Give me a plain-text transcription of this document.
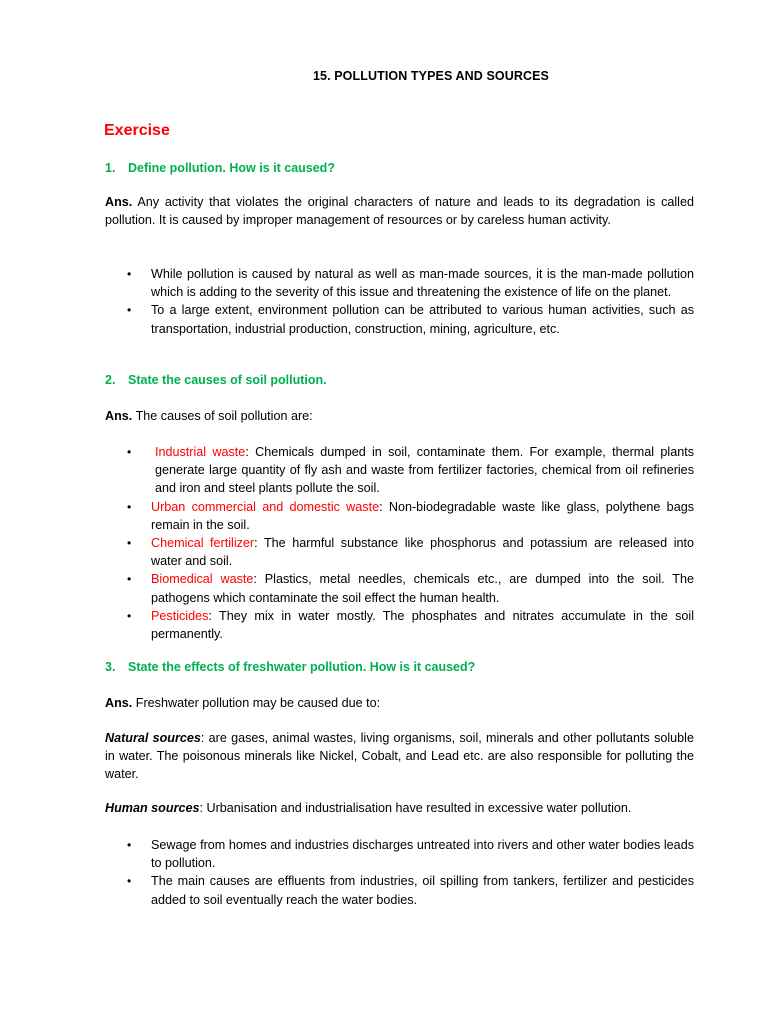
15. POLLUTION TYPES AND SOURCES
Exercise
1. Define pollution. How is it caused?
Ans. Any activity that violates the original characters of nature and leads to its degradation is called pollution. It is caused by improper management of resources or by careless human activity.
• While pollution is caused by natural as well as man-made sources, it is the man-made pollution which is adding to the severity of this issue and threatening the existence of life on the planet.
• To a large extent, environment pollution can be attributed to various human activities, such as transportation, industrial production, construction, mining, agriculture, etc.
2. State the causes of soil pollution.
Ans. The causes of soil pollution are:
• Industrial waste: Chemicals dumped in soil, contaminate them. For example, thermal plants generate large quantity of fly ash and waste from fertilizer factories, chemical from oil refineries and iron and steel plants pollute the soil.
• Urban commercial and domestic waste: Non-biodegradable waste like glass, polythene bags remain in the soil.
• Chemical fertilizer: The harmful substance like phosphorus and potassium are released into water and soil.
• Biomedical waste: Plastics, metal needles, chemicals etc., are dumped into the soil. The pathogens which contaminate the soil effect the human health.
• Pesticides: They mix in water mostly. The phosphates and nitrates accumulate in the soil permanently.
3. State the effects of freshwater pollution. How is it caused?
Ans. Freshwater pollution may be caused due to:
Natural sources: are gases, animal wastes, living organisms, soil, minerals and other pollutants soluble in water. The poisonous minerals like Nickel, Cobalt, and Lead etc. are also responsible for polluting the water.
Human sources: Urbanisation and industrialisation have resulted in excessive water pollution.
• Sewage from homes and industries discharges untreated into rivers and other water bodies leads to pollution.
• The main causes are effluents from industries, oil spilling from tankers, fertilizer and pesticides added to soil eventually reach the water bodies.
